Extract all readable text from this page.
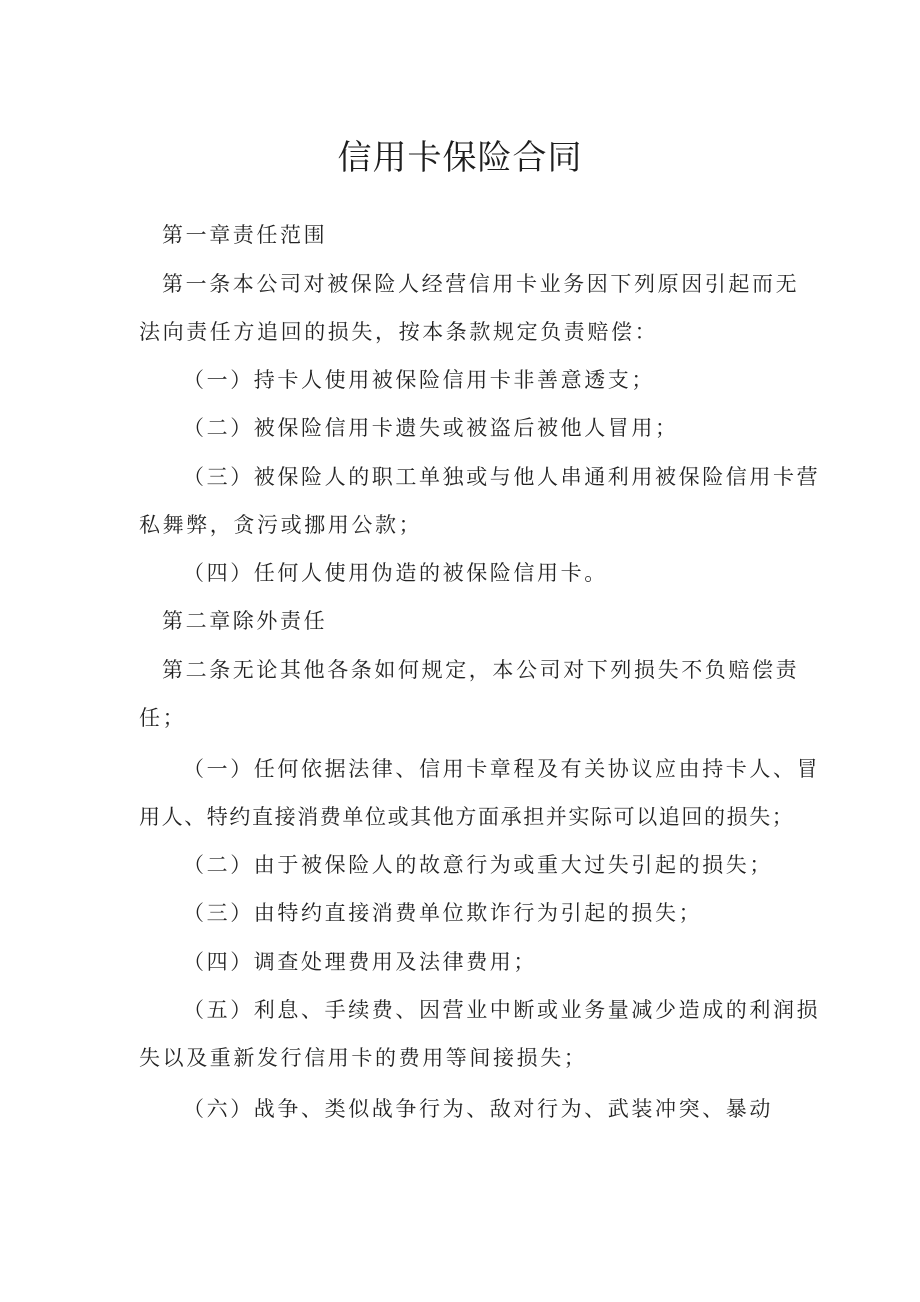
信用卡保险合同
第一章责任范围
第一条本公司对被保险人经营信用卡业务因下列原因引起而无
法向责任方追回的损失，按本条款规定负责赔偿：
（一）持卡人使用被保险信用卡非善意透支；
（二）被保险信用卡遗失或被盗后被他人冒用；
（三）被保险人的职工单独或与他人串通利用被保险信用卡营
私舞弊，贪污或挪用公款；
（四）任何人使用伪造的被保险信用卡。
第二章除外责任
第二条无论其他各条如何规定，本公司对下列损失不负赔偿责
任；
（一）任何依据法律、信用卡章程及有关协议应由持卡人、冒
用人、特约直接消费单位或其他方面承担并实际可以追回的损失；
（二）由于被保险人的故意行为或重大过失引起的损失；
（三）由特约直接消费单位欺诈行为引起的损失；
（四）调查处理费用及法律费用；
（五）利息、手续费、因营业中断或业务量减少造成的利润损
失以及重新发行信用卡的费用等间接损失；
（六）战争、类似战争行为、敌对行为、武装冲突、暴动
